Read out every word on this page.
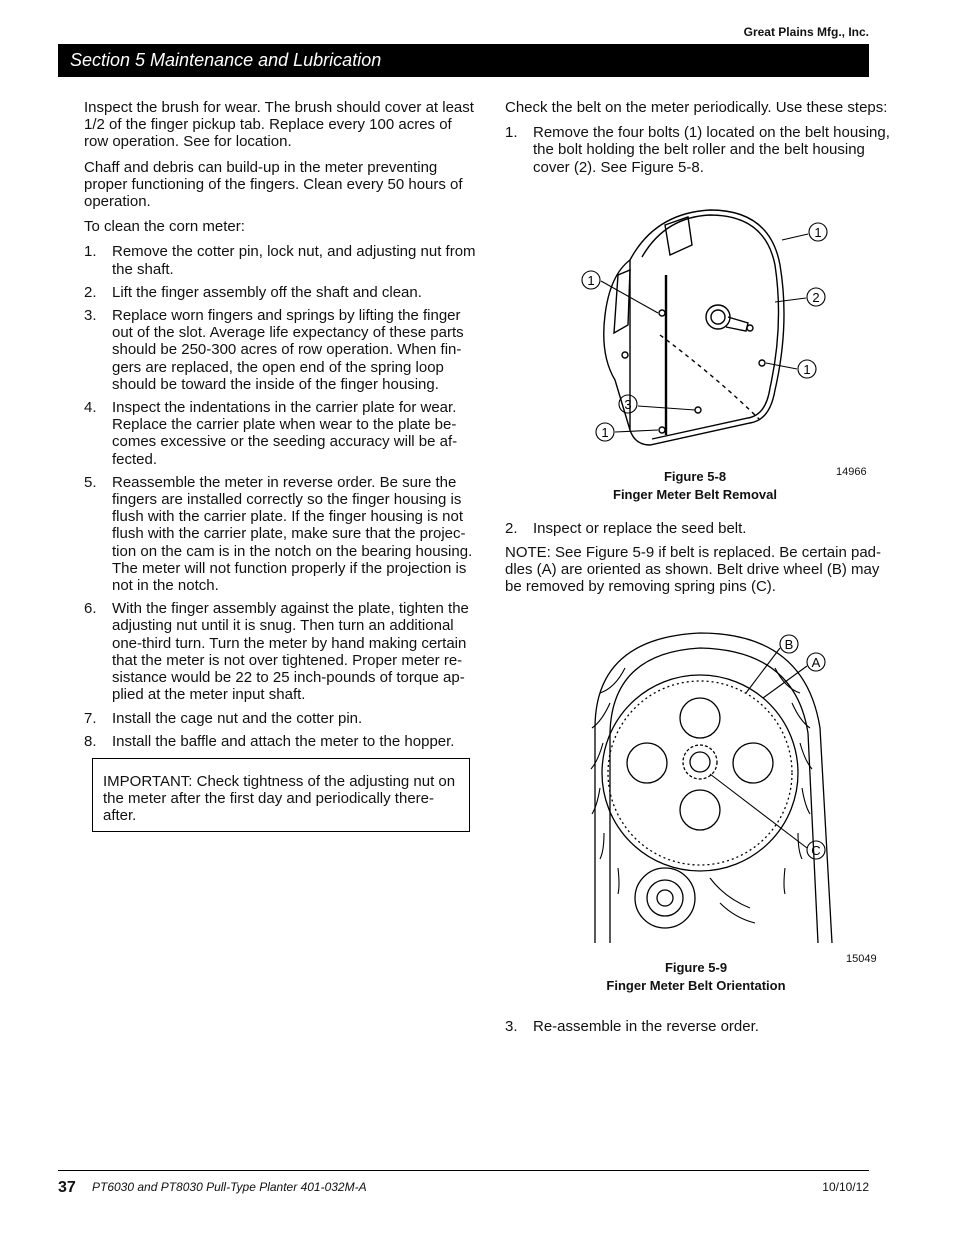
Great Plains Mfg., Inc.
Section 5 Maintenance and Lubrication

Inspect the brush for wear. The brush should cover at least 1/2 of the finger pickup tab. Replace every 100 acres of row operation. See for location.

Chaff and debris can build-up in the meter preventing proper functioning of the fingers. Clean every 50 hours of operation.

To clean the corn meter:

1. Remove the cotter pin, lock nut, and adjusting nut from the shaft.
2. Lift the finger assembly off the shaft and clean.
3. Replace worn fingers and springs by lifting the finger out of the slot. Average life expectancy of these parts should be 250-300 acres of row operation. When fin-gers are replaced, the open end of the spring loop should be toward the inside of the finger housing.
4. Inspect the indentations in the carrier plate for wear. Replace the carrier plate when wear to the plate be-comes excessive or the seeding accuracy will be af-fected.
5. Reassemble the meter in reverse order. Be sure the fingers are installed correctly so the finger housing is flush with the carrier plate. If the finger housing is not flush with the carrier plate, make sure that the projec-tion on the cam is in the notch on the bearing housing. The meter will not function properly if the projection is not in the notch.
6. With the finger assembly against the plate, tighten the adjusting nut until it is snug. Then turn an additional one-third turn. Turn the meter by hand making certain that the meter is not over tightened. Proper meter re-sistance would be 22 to 25 inch-pounds of torque ap-plied at the meter input shaft.
7. Install the cage nut and the cotter pin.
8. Install the baffle and attach the meter to the hopper.
IMPORTANT: Check tightness of the adjusting nut on the meter after the first day and periodically there-after.

Check the belt on the meter periodically. Use these steps:

1. Remove the four bolts (1) located on the belt housing, the bolt holding the belt roller and the belt housing cover (2). See Figure 5-8.
1
1
2
1
3
1
Figure 5-8
Finger Meter Belt Removal
14966
2. Inspect or replace the seed belt.
NOTE: See Figure 5-9 if belt is replaced. Be certain pad-dles (A) are oriented as shown. Belt drive wheel (B) may be removed by removing spring pins (C).
B
A
C
Figure 5-9
Finger Meter Belt Orientation
15049
3. Re-assemble in the reverse order.
37 PT6030 and PT8030 Pull-Type Planter 401-032M-A	10/10/12
